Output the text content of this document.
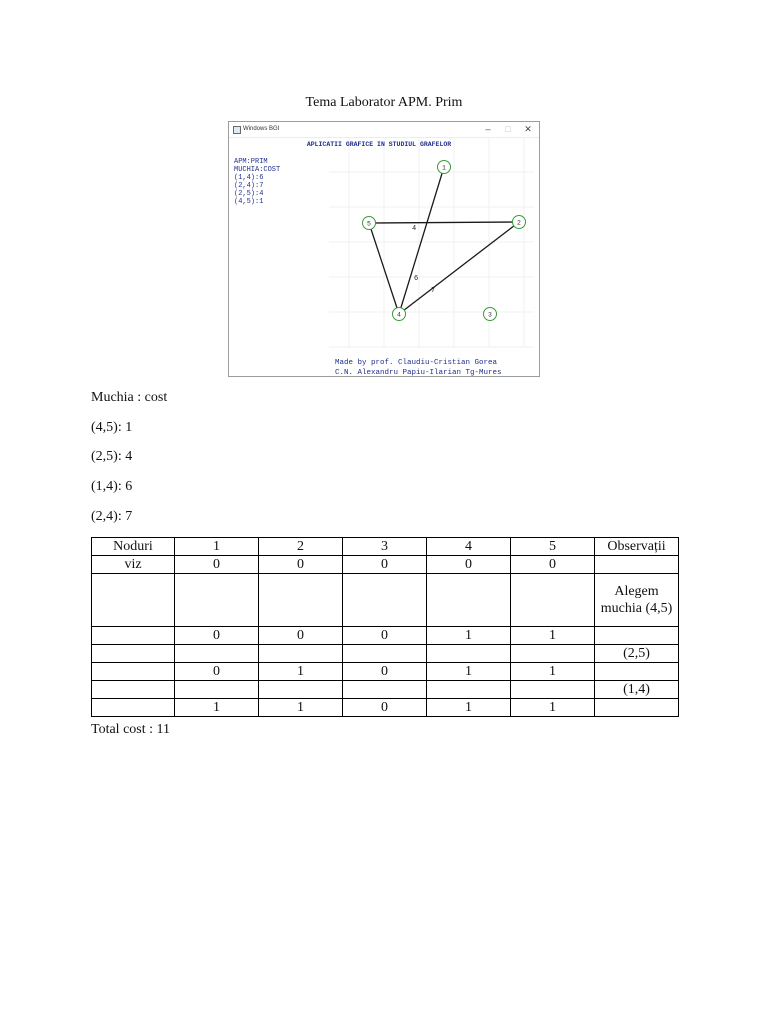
Tema Laborator APM. Prim
Windows BGI	–	□	✕
APLICATII GRAFICE IN STUDIUL GRAFELOR
APM:PRIM
MUCHIA:COST
(1,4):6
(2,4):7
(2,5):4
(4,5):1
6
7
4
1
2
3
4
5
Made by prof. Claudiu-Cristian Gorea
C.N. Alexandru Papiu-Ilarian Tg-Mures
Muchia : cost
(4,5): 1
(2,5): 4
(1,4): 6
(2,4): 7
Noduri	1	2	3	4	5	Observații
viz	0	0	0	0	0	
						Alegem muchia (4,5)
	0	0	0	1	1	
						(2,5)
	0	1	0	1	1	
						(1,4)
	1	1	0	1	1	
Total cost : 11
